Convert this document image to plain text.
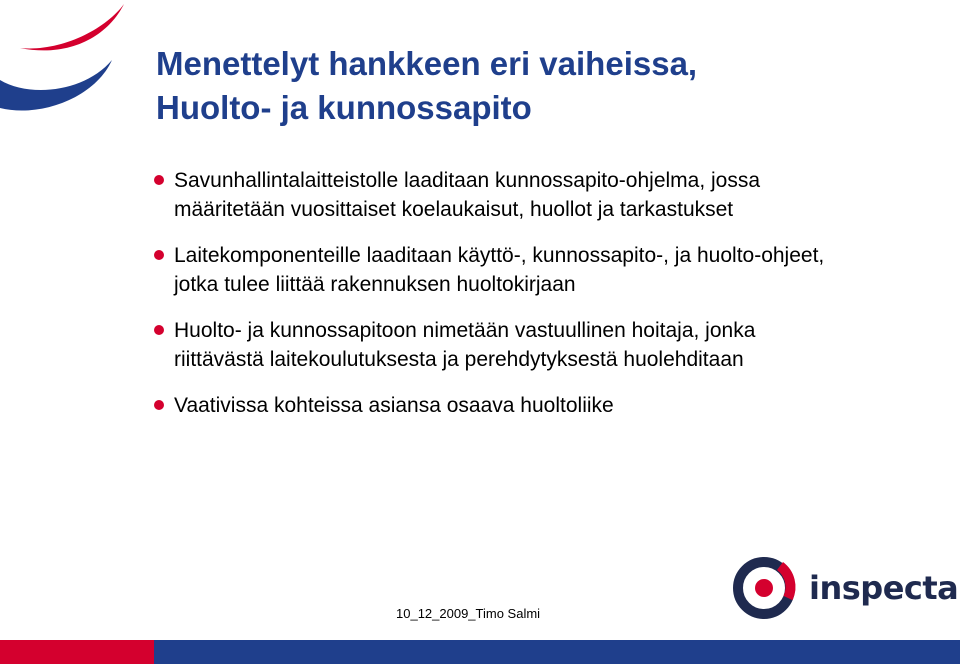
Menettelyt hankkeen eri vaiheissa,
Huolto- ja kunnossapito
Savunhallintalaitteistolle laaditaan kunnossapito-ohjelma, jossa
määritetään vuosittaiset koelaukaisut, huollot ja tarkastukset
Laitekomponenteille laaditaan käyttö-, kunnossapito-, ja huolto-ohjeet,
jotka tulee liittää rakennuksen huoltokirjaan
Huolto- ja kunnossapitoon nimetään vastuullinen hoitaja, jonka
riittävästä laitekoulutuksesta ja perehdytyksestä huolehditaan
Vaativissa kohteissa asiansa osaava huoltoliike
10_12_2009_Timo Salmi
inspecta
